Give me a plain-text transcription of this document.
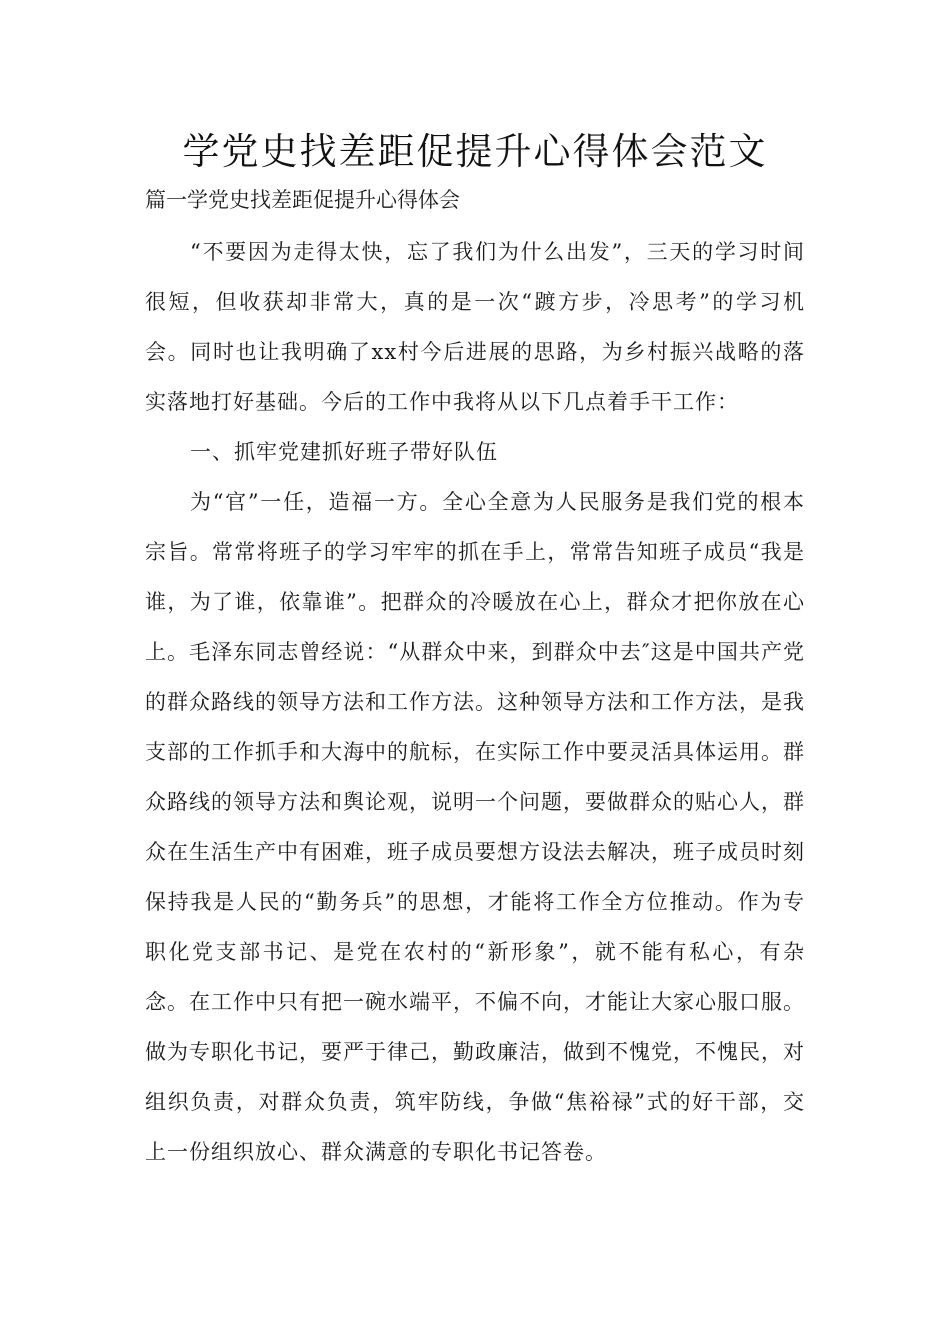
学党史找差距促提升心得体会范文

篇一学党史找差距促提升心得体会

“不要因为走得太快，忘了我们为什么出发”，三天的学习时间很短，但收获却非常大，真的是一次“踱方步，冷思考”的学习机会。同时也让我明确了xx村今后进展的思路，为乡村振兴战略的落实落地打好基础。今后的工作中我将从以下几点着手干工作：

一、抓牢党建抓好班子带好队伍

为“官”一任，造福一方。全心全意为人民服务是我们党的根本宗旨。常常将班子的学习牢牢的抓在手上，常常告知班子成员“我是谁，为了谁，依靠谁”。把群众的冷暖放在心上，群众才把你放在心上。毛泽东同志曾经说：“从群众中来，到群众中去″这是中国共产党的群众路线的领导方法和工作方法。这种领导方法和工作方法，是我支部的工作抓手和大海中的航标，在实际工作中要灵活具体运用。群众路线的领导方法和舆论观，说明一个问题，要做群众的贴心人，群众在生活生产中有困难，班子成员要想方设法去解决，班子成员时刻保持我是人民的“勤务兵”的思想，才能将工作全方位推动。作为专职化党支部书记、是党在农村的“新形象”，就不能有私心，有杂念。在工作中只有把一碗水端平，不偏不向，才能让大家心服口服。做为专职化书记，要严于律己，勤政廉洁，做到不愧党，不愧民，对组织负责，对群众负责，筑牢防线，争做“焦裕禄”式的好干部，交上一份组织放心、群众满意的专职化书记答卷。
